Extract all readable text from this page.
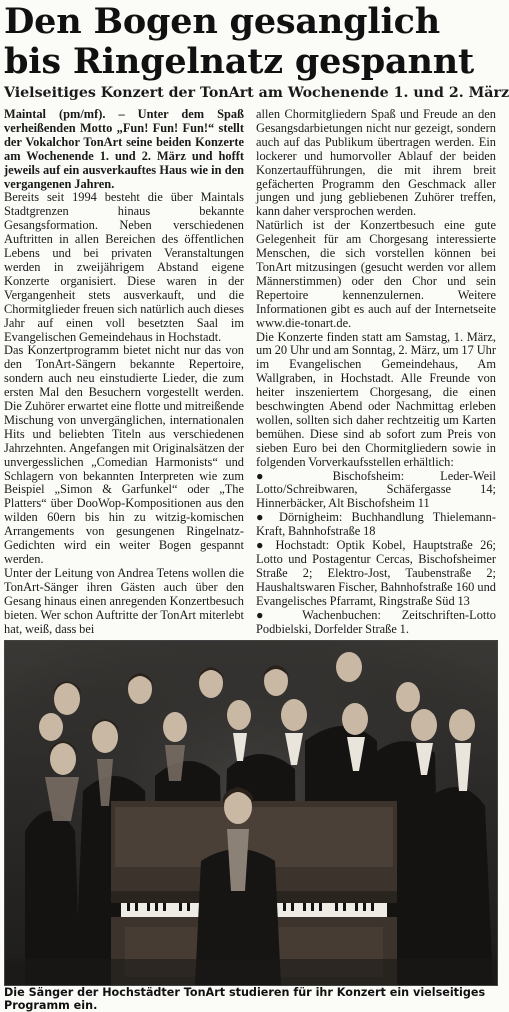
Den Bogen gesanglich
bis Ringelnatz gespannt

Vielseitiges Konzert der TonArt am Wochenende 1. und 2. März

Maintal (pm/mf). – Unter dem Spaß verheißenden Motto „Fun! Fun! Fun!“ stellt der Vokalchor TonArt seine beiden Konzerte am Wochenende 1. und 2. März und hofft jeweils auf ein ausverkauftes Haus wie in den vergangenen Jahren.

Bereits seit 1994 besteht die über Maintals Stadtgrenzen hinaus bekannte Gesangsformation. Neben verschiedenen Auftritten in allen Bereichen des öffentlichen Lebens und bei privaten Veranstaltungen werden in zweijährigem Abstand eigene Konzerte organisiert. Diese waren in der Vergangenheit stets ausverkauft, und die Chormitglieder freuen sich natürlich auch dieses Jahr auf einen voll besetzten Saal im Evangelischen Gemeindehaus in Hochstadt.

Das Konzertprogramm bietet nicht nur das von den TonArt-Sängern bekannte Repertoire, sondern auch neu einstudierte Lieder, die zum ersten Mal den Besuchern vorgestellt werden. Die Zuhörer erwartet eine flotte und mitreißende Mischung von unvergänglichen, internationalen Hits und beliebten Titeln aus verschiedenen Jahrzehnten. Angefangen mit Originalsätzen der unvergesslichen „Comedian Harmonists“ und Schlagern von bekannten Interpreten wie zum Beispiel „Simon & Garfunkel“ oder „The Platters“ über DooWop-Kompositionen aus den wilden 60ern bis hin zu witzig-komischen Arrangements von gesungenen Ringelnatz-Gedichten wird ein weiter Bogen gespannt werden.

Unter der Leitung von Andrea Tetens wollen die TonArt-Sänger ihren Gästen auch über den Gesang hinaus einen anregenden Konzertbesuch bieten. Wer schon Auftritte der TonArt miterlebt hat, weiß, dass bei

allen Chormitgliedern Spaß und Freude an den Gesangsdarbietungen nicht nur gezeigt, sondern auch auf das Publikum übertragen werden. Ein lockerer und humorvoller Ablauf der beiden Konzertaufführungen, die mit ihrem breit gefächerten Programm den Geschmack aller jungen und jung gebliebenen Zuhörer treffen, kann daher versprochen werden.

Natürlich ist der Konzertbesuch eine gute Gelegenheit für am Chorgesang interessierte Menschen, die sich vorstellen können bei TonArt mitzusingen (gesucht werden vor allem Männerstimmen) oder den Chor und sein Repertoire kennenzulernen. Weitere Informationen gibt es auch auf der Internetseite www.die-tonart.de.

Die Konzerte finden statt am Samstag, 1. März, um 20 Uhr und am Sonntag, 2. März, um 17 Uhr im Evangelischen Gemeindehaus, Am Wallgraben, in Hochstadt. Alle Freunde von heiter inszeniertem Chorgesang, die einen beschwingten Abend oder Nachmittag erleben wollen, sollten sich daher rechtzeitig um Karten bemühen. Diese sind ab sofort zum Preis von sieben Euro bei den Chormitgliedern sowie in folgenden Vorverkaufsstellen erhältlich:

●	Bischofsheim: Leder-Weil Lotto/Schreibwaren, Schäfergasse 14; Hinnerbäcker, Alt Bischofsheim 11
● Dörnigheim: Buchhandlung Thielemann-Kraft, Bahnhofstraße 18
● Hochstadt: Optik Kobel, Hauptstraße 26; Lotto und Postagentur Cercas, Bischofsheimer Straße 2; Elektro-Jost, Taubenstraße 2; Haushaltswaren Fischer, Bahnhofstraße 160 und Evangelisches Pfarramt, Ringstraße Süd 13
● Wachenbuchen: Zeitschriften-Lotto Podbielski, Dorfelder Straße 1.

Die Sänger der Hochstädter TonArt studieren für ihr Konzert ein vielseitiges Programm ein.
